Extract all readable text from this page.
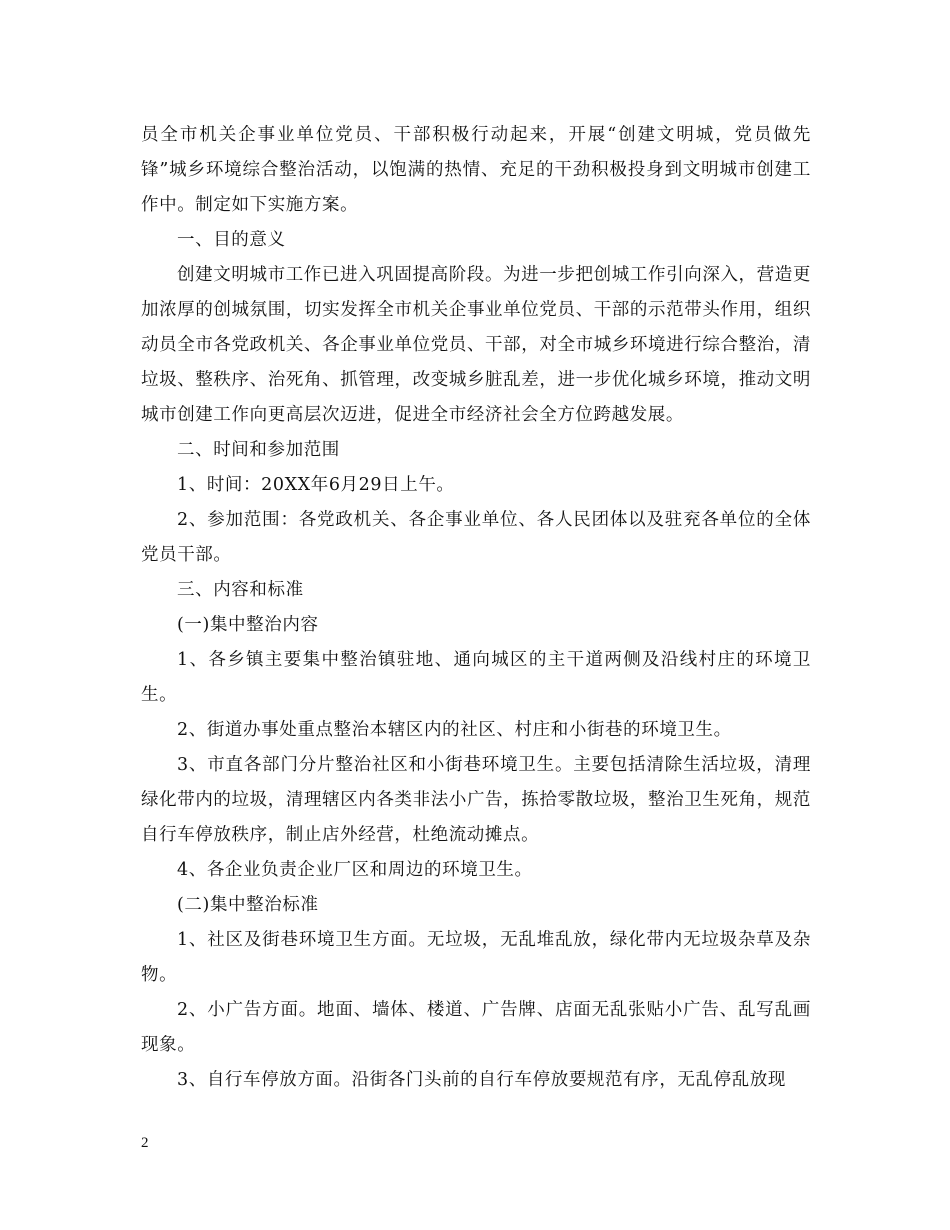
员全市机关企事业单位党员、干部积极行动起来，开展“创建文明城，党员做先锋”城乡环境综合整治活动，以饱满的热情、充足的干劲积极投身到文明城市创建工作中。制定如下实施方案。

一、目的意义

创建文明城市工作已进入巩固提高阶段。为进一步把创城工作引向深入，营造更加浓厚的创城氛围，切实发挥全市机关企事业单位党员、干部的示范带头作用，组织动员全市各党政机关、各企事业单位党员、干部，对全市城乡环境进行综合整治，清垃圾、整秩序、治死角、抓管理，改变城乡脏乱差，进一步优化城乡环境，推动文明城市创建工作向更高层次迈进，促进全市经济社会全方位跨越发展。

二、时间和参加范围

1、时间：20XX年6月29日上午。

2、参加范围：各党政机关、各企事业单位、各人民团体以及驻兖各单位的全体党员干部。

三、内容和标准

(一)集中整治内容

1、各乡镇主要集中整治镇驻地、通向城区的主干道两侧及沿线村庄的环境卫生。

2、街道办事处重点整治本辖区内的社区、村庄和小街巷的环境卫生。

3、市直各部门分片整治社区和小街巷环境卫生。主要包括清除生活垃圾，清理绿化带内的垃圾，清理辖区内各类非法小广告，拣拾零散垃圾，整治卫生死角，规范自行车停放秩序，制止店外经营，杜绝流动摊点。

4、各企业负责企业厂区和周边的环境卫生。

(二)集中整治标准

1、社区及街巷环境卫生方面。无垃圾，无乱堆乱放，绿化带内无垃圾杂草及杂物。

2、小广告方面。地面、墙体、楼道、广告牌、店面无乱张贴小广告、乱写乱画现象。

3、自行车停放方面。沿街各门头前的自行车停放要规范有序，无乱停乱放现

2
